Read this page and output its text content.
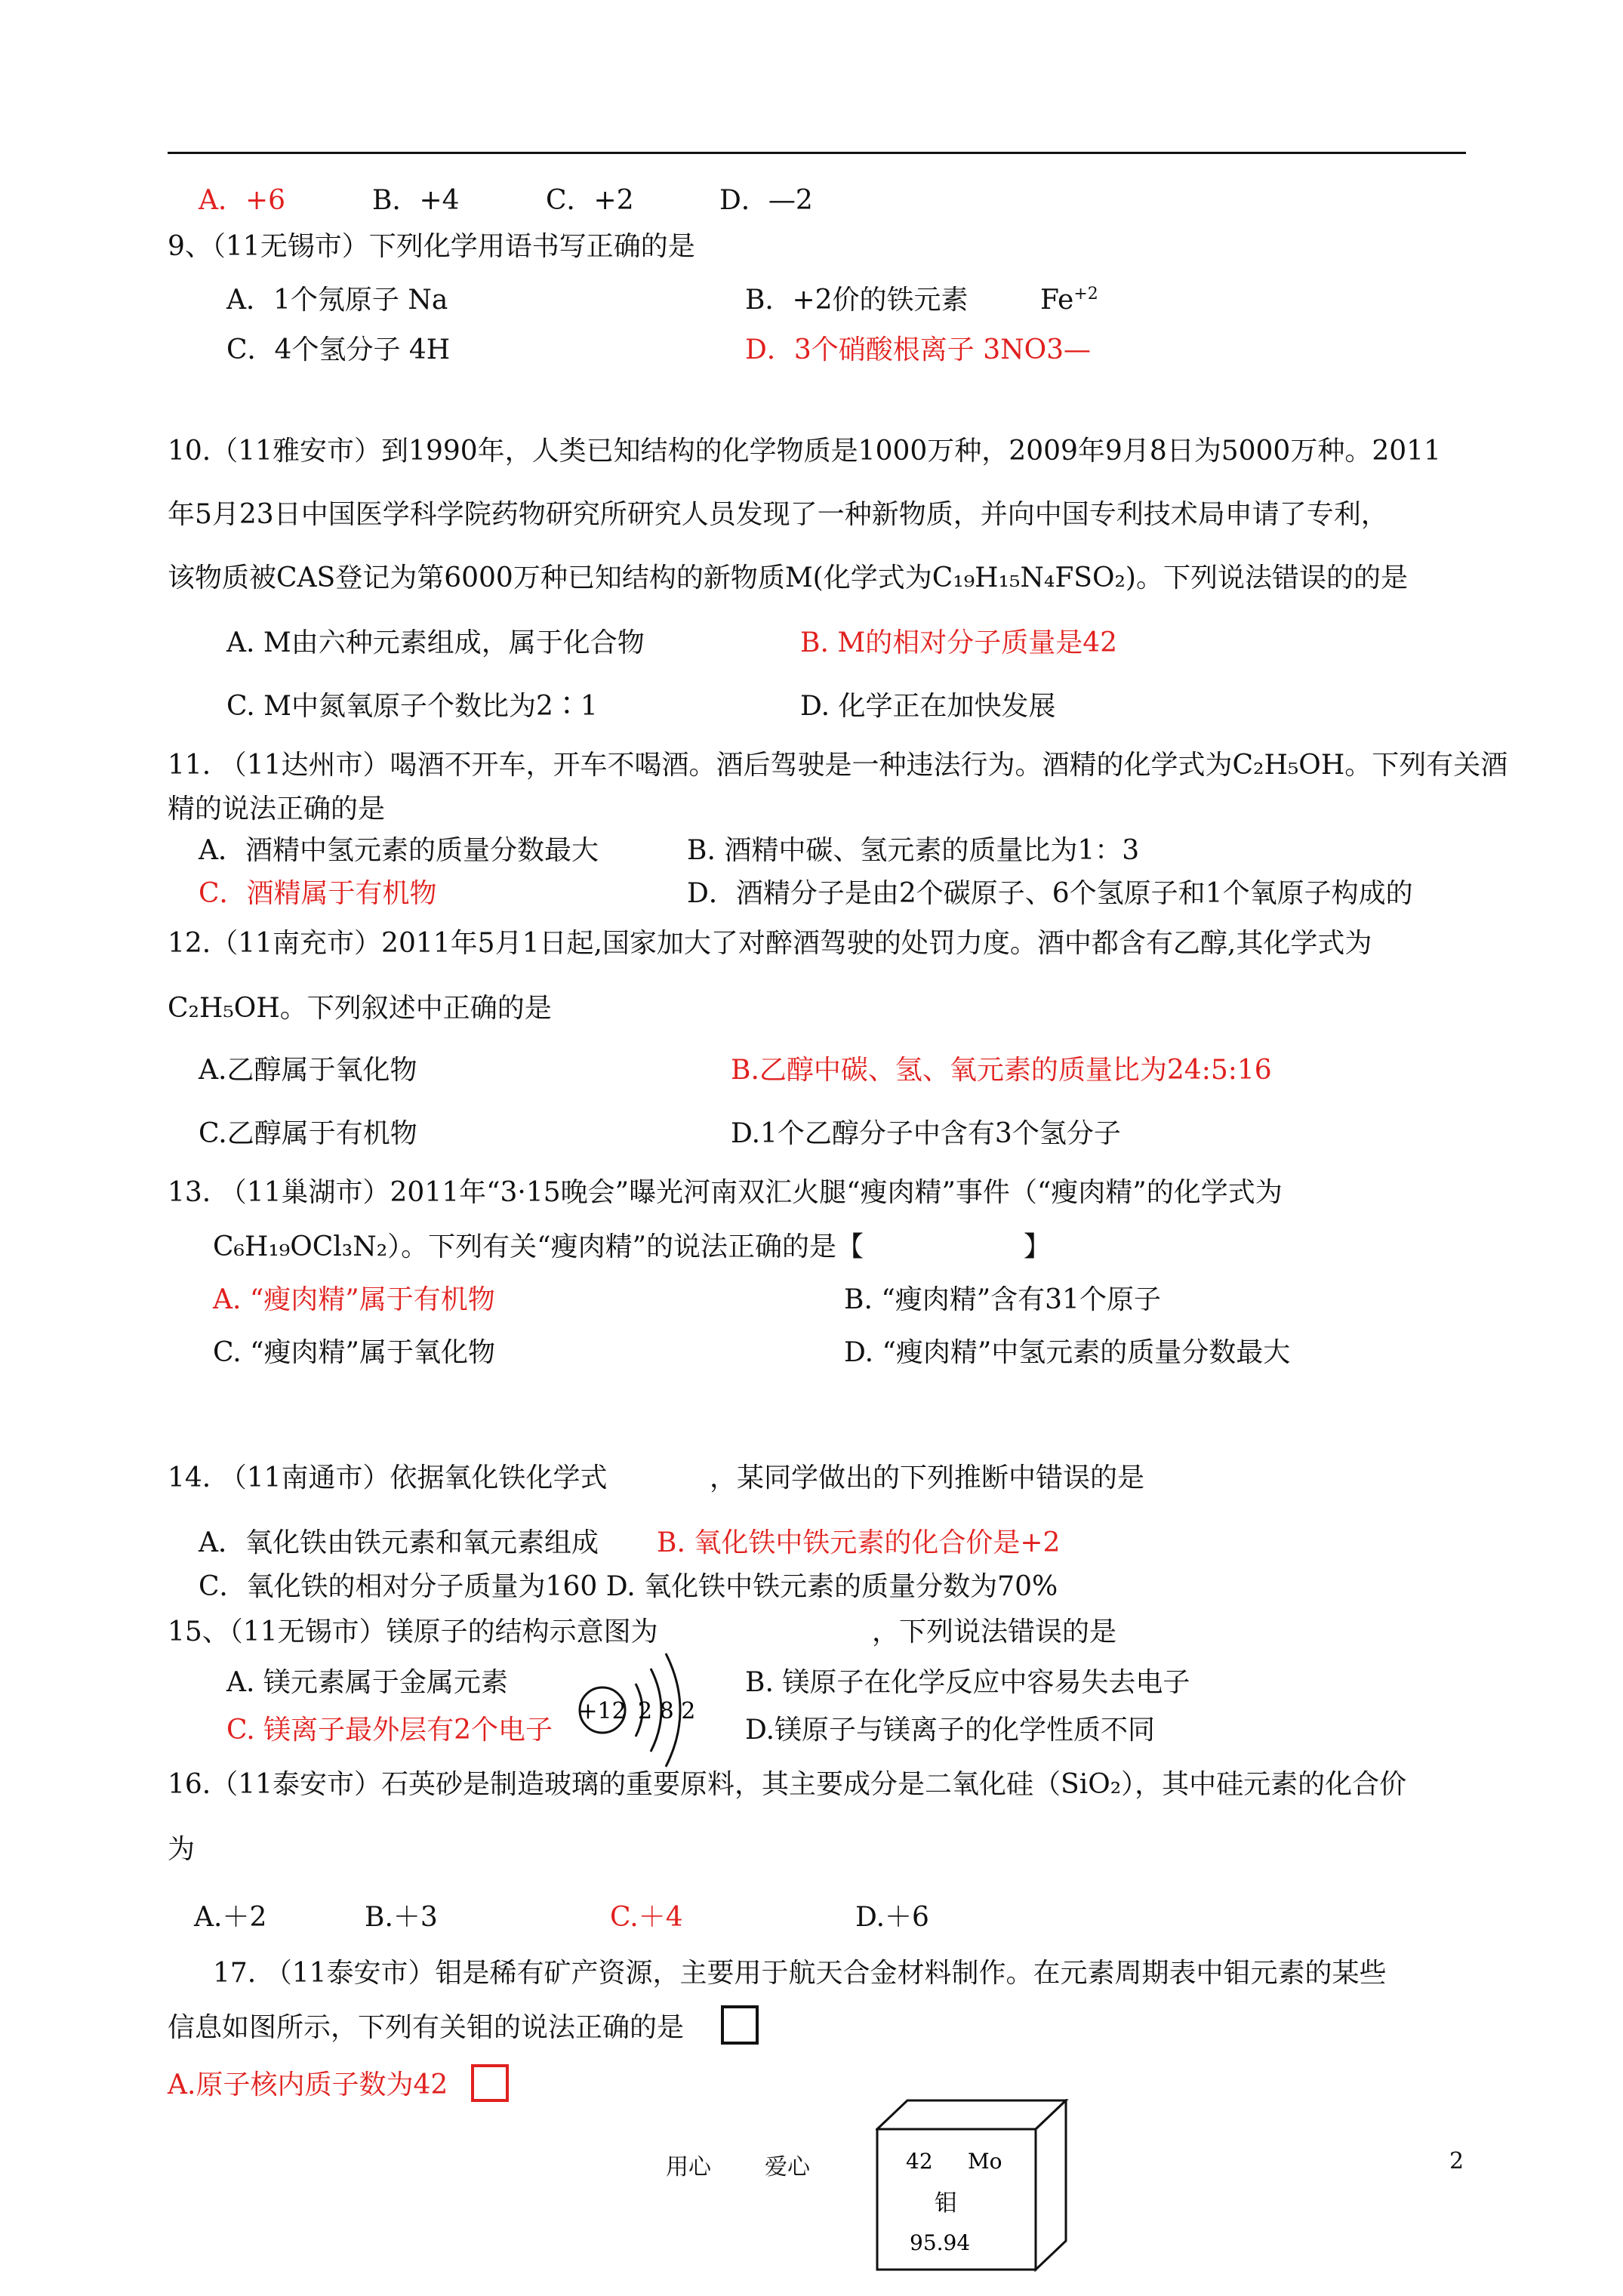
A．+6	B．+4	C．+2	D．—2
9、（11无锡市）下列化学用语书写正确的是
A．1个氖原子 Na	B．+2价的铁元素	$Fe^{+2}$
C．4个氢分子 4H	D．3个硝酸根离子 3NO3—
10.（11雅安市）到1990年，人类已知结构的化学物质是1000万种，2009年9月8日为5000万种。2011
年5月23日中国医学科学院药物研究所研究人员发现了一种新物质，并向中国专利技术局申请了专利，
该物质被CAS登记为第6000万种已知结构的新物质M(化学式为C₁₉H₁₅N₄FSO₂)。下列说法错误的的是
A. M由六种元素组成，属于化合物	B. M的相对分子质量是42
C. M中氮氧原子个数比为2∶1	D. 化学正在加快发展
11. （11达州市）喝酒不开车，开车不喝酒。酒后驾驶是一种违法行为。酒精的化学式为C₂H₅OH。下列有关酒
精的说法正确的是
A．酒精中氢元素的质量分数最大	B. 酒精中碳、氢元素的质量比为1：3
C．酒精属于有机物	D．酒精分子是由2个碳原子、6个氢原子和1个氧原子构成的
12.（11南充市）2011年5月1日起,国家加大了对醉酒驾驶的处罚力度。酒中都含有乙醇,其化学式为
C₂H₅OH。下列叙述中正确的是
A.乙醇属于氧化物	B.乙醇中碳、氢、氧元素的质量比为24:5:16
C.乙醇属于有机物	D.1个乙醇分子中含有3个氢分子
13. （11巢湖市）2011年“3·15晚会”曝光河南双汇火腿“瘦肉精”事件（“瘦肉精”的化学式为
C₆H₁₉OCl₃N₂）。下列有关“瘦肉精”的说法正确的是【	】
A. “瘦肉精”属于有机物	B. “瘦肉精”含有31个原子
C. “瘦肉精”属于氧化物	D. “瘦肉精”中氢元素的质量分数最大
14. （11南通市）依据氧化铁化学式	，某同学做出的下列推断中错误的是
A．氧化铁由铁元素和氧元素组成 B. 氧化铁中铁元素的化合价是+2
C．氧化铁的相对分子质量为160 D. 氧化铁中铁元素的质量分数为70%
15、（11无锡市）镁原子的结构示意图为	，下列说法错误的是
A. 镁元素属于金属元素	B. 镁原子在化学反应中容易失去电子
C. 镁离子最外层有2个电子	D.镁原子与镁离子的化学性质不同
16.（11泰安市）石英砂是制造玻璃的重要原料，其主要成分是二氧化硅（SiO₂），其中硅元素的化合价
为
A.＋2	B.＋3	C.＋4	D.＋6
17. （11泰安市）钼是稀有矿产资源，主要用于航天合金材料制作。在元素周期表中钼元素的某些
信息如图所示，下列有关钼的说法正确的是
A.原子核内质子数为42
+12 2 8 2
42 Mo
钼
95.94
用心 爱心	2
